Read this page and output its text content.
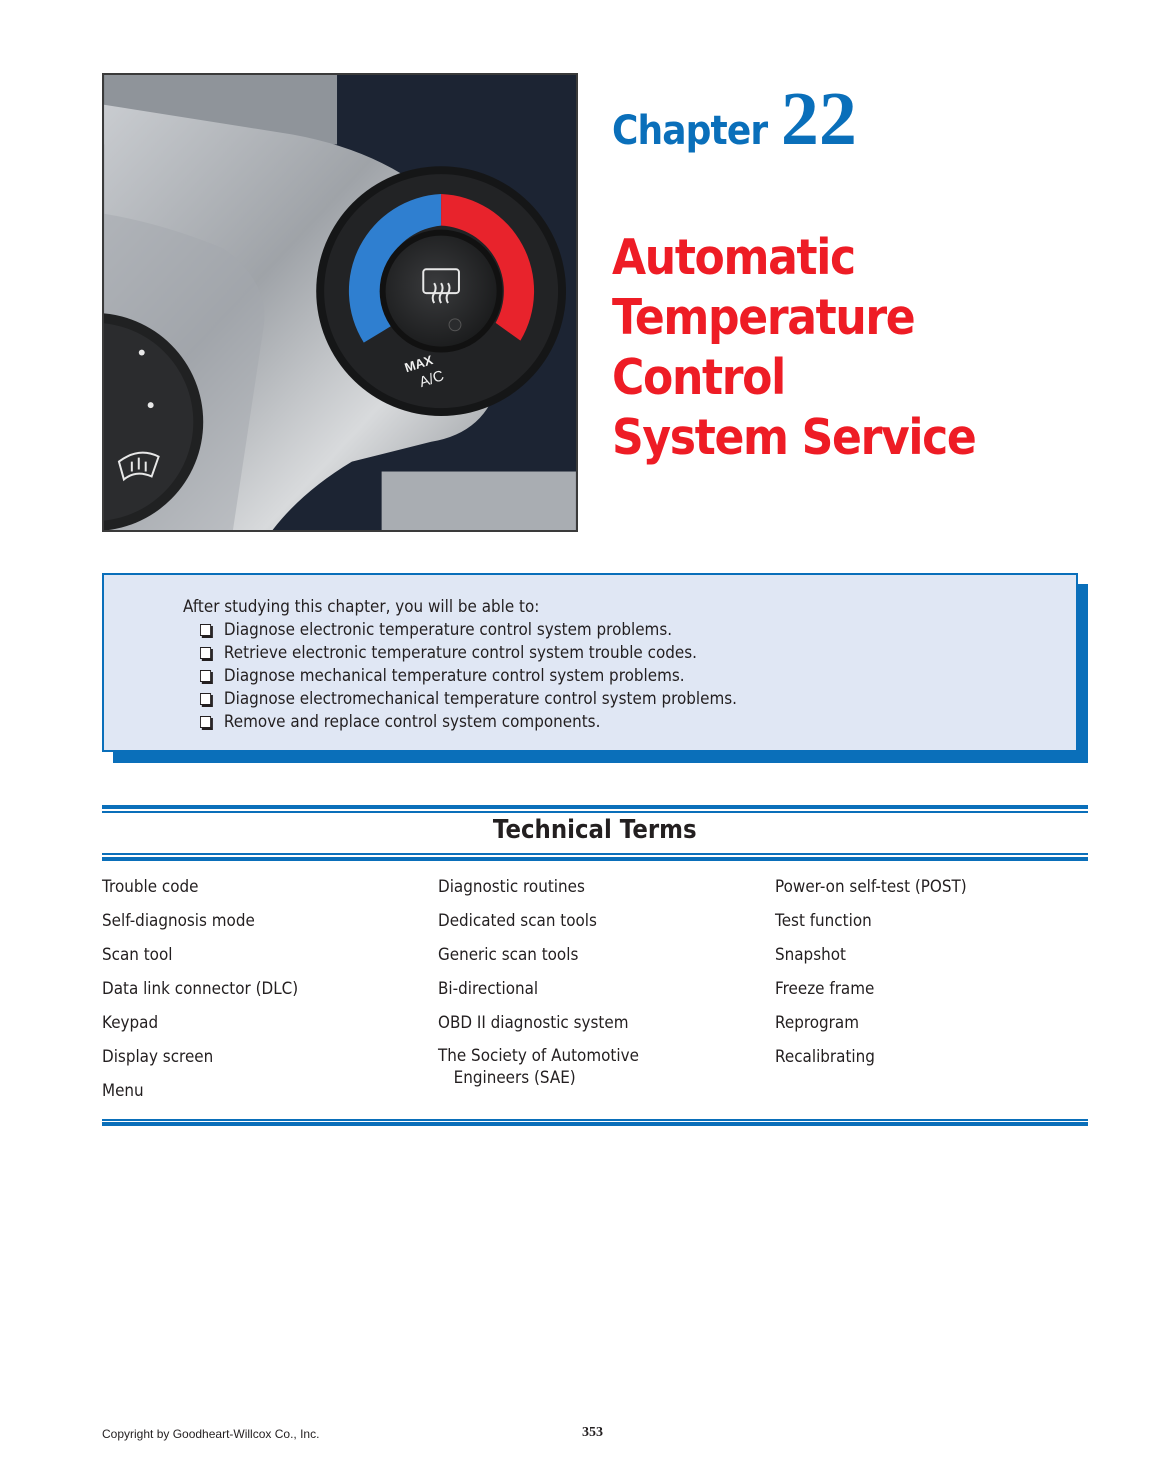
MAX
A/C
Chapter 22
Automatic
Temperature
Control
System Service
After studying this chapter, you will be able to:
Diagnose electronic temperature control system problems.
Retrieve electronic temperature control system trouble codes.
Diagnose mechanical temperature control system problems.
Diagnose electromechanical temperature control system problems.
Remove and replace control system components.
Technical Terms
Trouble code
Self-diagnosis mode
Scan tool
Data link connector (DLC)
Keypad
Display screen
Menu
Diagnostic routines
Dedicated scan tools
Generic scan tools
Bi-directional
OBD II diagnostic system
The Society of Automotive
Engineers (SAE)
Power-on self-test (POST)
Test function
Snapshot
Freeze frame
Reprogram
Recalibrating
Copyright by Goodheart-Willcox Co., Inc.	353
